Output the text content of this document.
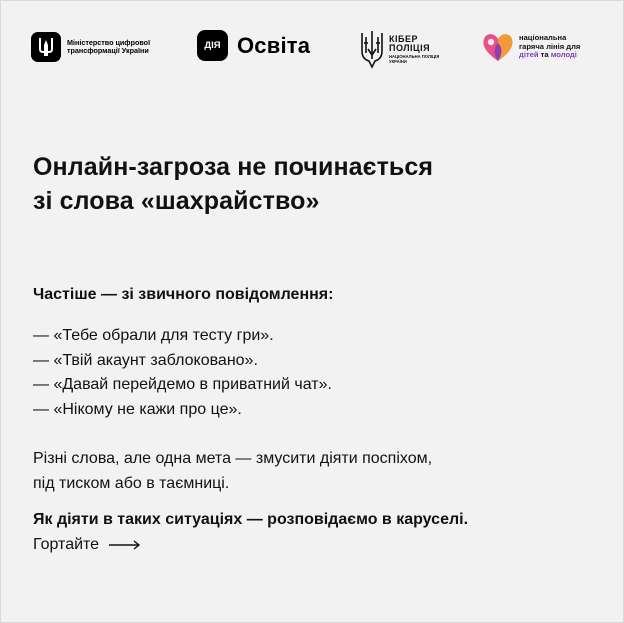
Міністерство цифрової трансформації України	ДІЯ Освіта	КІБЕР
ПОЛІЦІЯ
НАЦІОНАЛЬНА ПОЛІЦІЯ УКРАЇНИ
національна
гаряча лінія для
дітей та молоді
Онлайн-загроза не починається
зі слова «шахрайство»
Частіше — зі звичного повідомлення:
— «Тебе обрали для тесту гри».
— «Твій акаунт заблоковано».
— «Давай перейдемо в приватний чат».
— «Нікому не кажи про це».

Різні слова, але одна мета — змусити діяти поспіхом,
під тиском або в таємниці.

Як діяти в таких ситуаціях — розповідаємо в каруселі.
Гортайте
